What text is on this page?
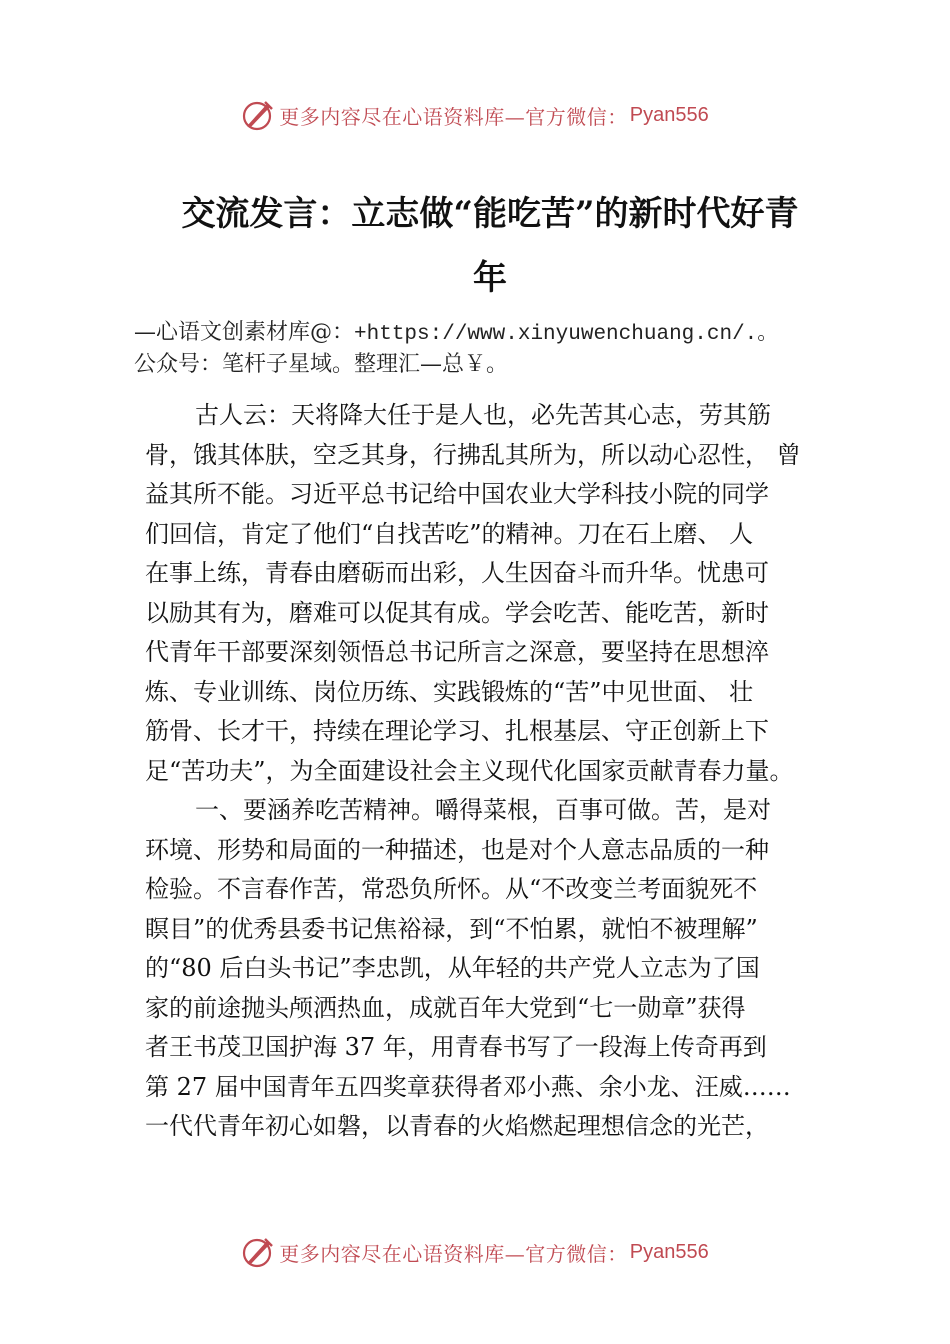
更多内容尽在心语资料库—官方微信： Pyan556
交流发言：立志做“能吃苦”的新时代好青
年
—心语文创素材库@：+https://www.xinyuwenchuang.cn/.。
公众号：笔杆子星域。整理汇—总￥。
古人云：天将降大任于是人也，必先苦其心志，劳其筋
骨，饿其体肤，空乏其身，行拂乱其所为，所以动心忍性， 曾
益其所不能。习近平总书记给中国农业大学科技小院的同学
们回信，肯定了他们“自找苦吃”的精神。刀在石上磨、 人
在事上练，青春由磨砺而出彩，人生因奋斗而升华。忧患可
以励其有为，磨难可以促其有成。学会吃苦、能吃苦，新时
代青年干部要深刻领悟总书记所言之深意，要坚持在思想淬
炼、专业训练、岗位历练、实践锻炼的“苦”中见世面、 壮
筋骨、长才干，持续在理论学习、扎根基层、守正创新上下
足“苦功夫”，为全面建设社会主义现代化国家贡献青春力量。
一、要涵养吃苦精神。嚼得菜根，百事可做。苦，是对
环境、形势和局面的一种描述，也是对个人意志品质的一种
检验。不言春作苦，常恐负所怀。从“不改变兰考面貌死不
瞑目”的优秀县委书记焦裕禄，到“不怕累，就怕不被理解”
的“80 后白头书记”李忠凯，从年轻的共产党人立志为了国
家的前途抛头颅洒热血，成就百年大党到“七一勋章”获得
者王书茂卫国护海 37 年，用青春书写了一段海上传奇再到
第 27 届中国青年五四奖章获得者邓小燕、余小龙、汪威……
一代代青年初心如磐，以青春的火焰燃起理想信念的光芒，
更多内容尽在心语资料库—官方微信： Pyan556
